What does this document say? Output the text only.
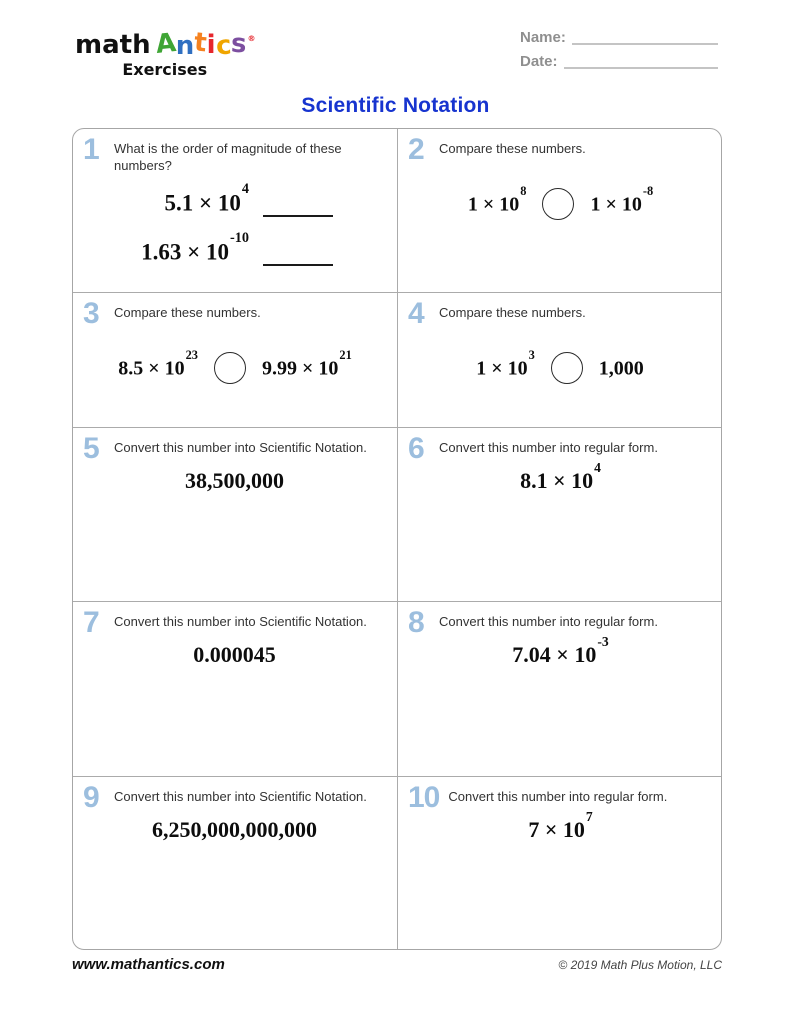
math Antics®
Exercises
Name:
Date:
Scientific Notation
1	What is the order of magnitude of these numbers?
$5.1 \times 10^4$
$1.63 \times 10^{-10}$
2	Compare these numbers.
$1 \times 10^8$
$1 \times 10^{-8}$
3	Compare these numbers.
$8.5 \times 10^{23}$
$9.99 \times 10^{21}$
4	Compare these numbers.
$1 \times 10^3$
1,000
5	Convert this number into Scientific Notation.
38,500,000
6	Convert this number into regular form.
$8.1 \times 10^4$
7	Convert this number into Scientific Notation.
0.000045
8	Convert this number into regular form.
$7.04 \times 10^{-3}$
9	Convert this number into Scientific Notation.
6,250,000,000,000
10 Convert this number into regular form.
$7 \times 10^7$
www.mathantics.com	© 2019 Math Plus Motion, LLC
